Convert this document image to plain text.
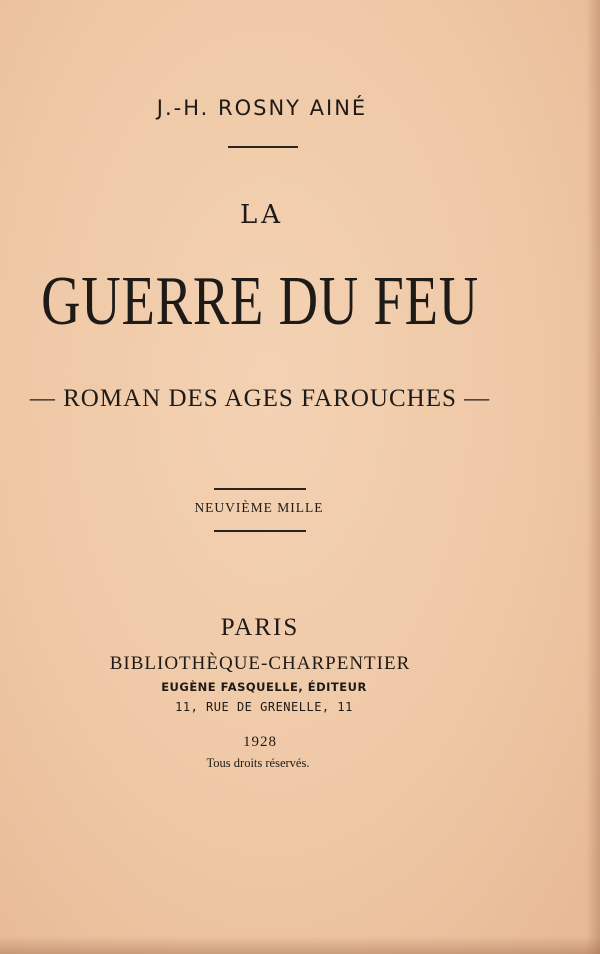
J.-H. ROSNY AINÉ
LA
GUERRE DU FEU
— ROMAN DES AGES FAROUCHES —
NEUVIÈME MILLE
PARIS
BIBLIOTHÈQUE-CHARPENTIER
EUGÈNE FASQUELLE, ÉDITEUR
11, RUE DE GRENELLE, 11
1928
Tous droits réservés.
